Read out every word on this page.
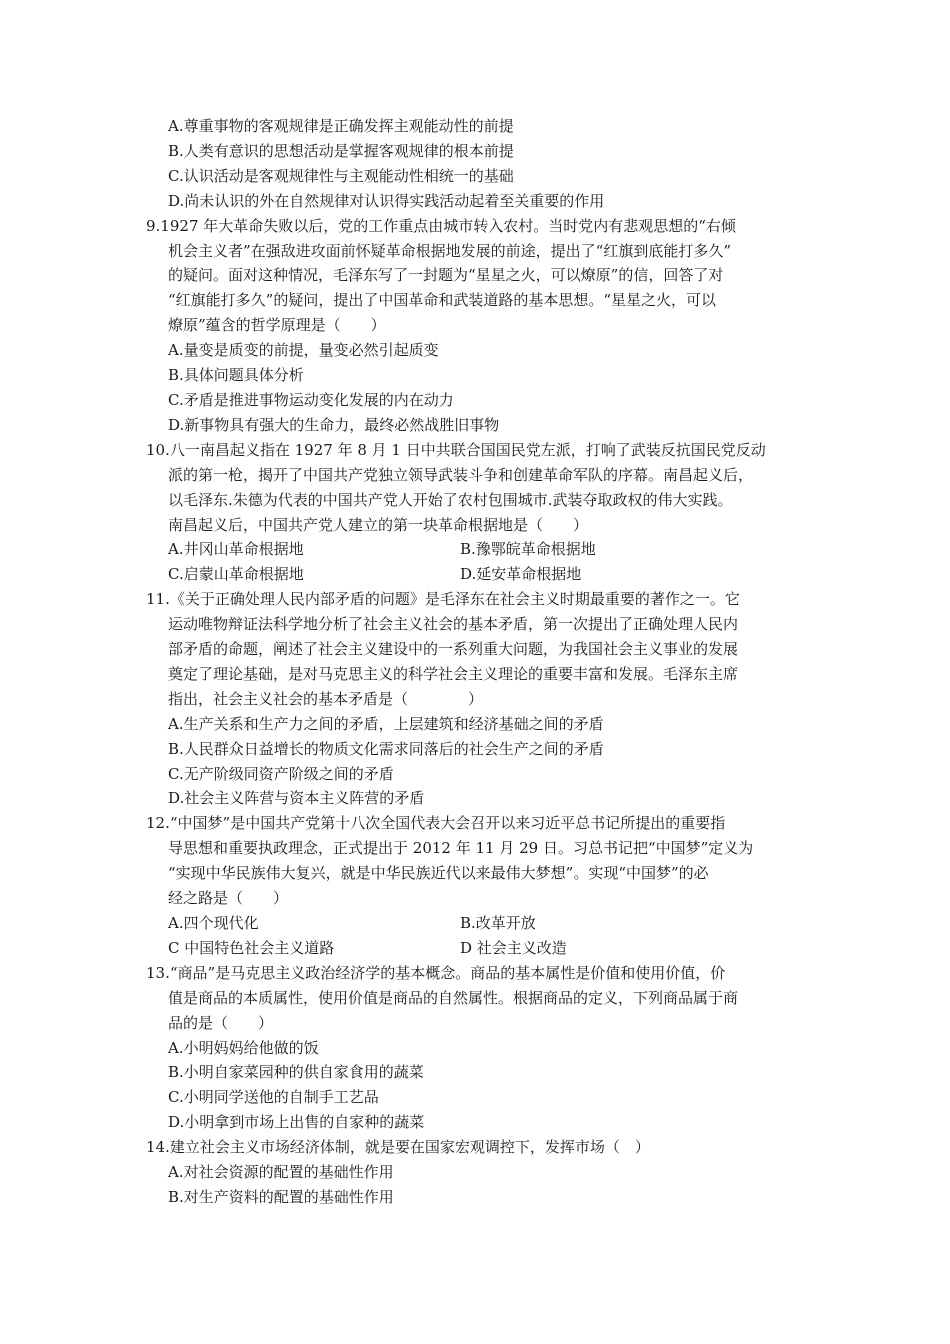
A.尊重事物的客观规律是正确发挥主观能动性的前提
B.人类有意识的思想活动是掌握客观规律的根本前提
C.认识活动是客观规律性与主观能动性相统一的基础
D.尚未认识的外在自然规律对认识得实践活动起着至关重要的作用
9.1927 年大革命失败以后，党的工作重点由城市转入农村。当时党内有悲观思想的“右倾
机会主义者”在强敌进攻面前怀疑革命根据地发展的前途，提出了“红旗到底能打多久”
的疑问。面对这种情况，毛泽东写了一封题为“星星之火，可以燎原”的信，回答了对
“红旗能打多久”的疑问，提出了中国革命和武装道路的基本思想。“星星之火，可以
燎原”蕴含的哲学原理是（　　）
A.量变是质变的前提，量变必然引起质变
B.具体问题具体分析
C.矛盾是推进事物运动变化发展的内在动力
D.新事物具有强大的生命力，最终必然战胜旧事物
10.八一南昌起义指在 1927 年 8 月 1 日中共联合国国民党左派，打响了武装反抗国民党反动
派的第一枪，揭开了中国共产党独立领导武装斗争和创建革命军队的序幕。南昌起义后，
以毛泽东.朱德为代表的中国共产党人开始了农村包围城市.武装夺取政权的伟大实践。
南昌起义后，中国共产党人建立的第一块革命根据地是（　　）
A.井冈山革命根据地	B.豫鄂皖革命根据地
C.启蒙山革命根据地	D.延安革命根据地
11.《关于正确处理人民内部矛盾的问题》是毛泽东在社会主义时期最重要的著作之一。它
运动唯物辩证法科学地分析了社会主义社会的基本矛盾，第一次提出了正确处理人民内
部矛盾的命题，阐述了社会主义建设中的一系列重大问题，为我国社会主义事业的发展
奠定了理论基础，是对马克思主义的科学社会主义理论的重要丰富和发展。毛泽东主席
指出，社会主义社会的基本矛盾是（　　　　）
A.生产关系和生产力之间的矛盾，上层建筑和经济基础之间的矛盾
B.人民群众日益增长的物质文化需求同落后的社会生产之间的矛盾
C.无产阶级同资产阶级之间的矛盾
D.社会主义阵营与资本主义阵营的矛盾
12.“中国梦”是中国共产党第十八次全国代表大会召开以来习近平总书记所提出的重要指
导思想和重要执政理念，正式提出于 2012 年 11 月 29 日。习总书记把“中国梦”定义为
“实现中华民族伟大复兴，就是中华民族近代以来最伟大梦想”。实现“中国梦”的必
经之路是（　　）
A.四个现代化	B.改革开放
C 中国特色社会主义道路	D 社会主义改造
13.“商品”是马克思主义政治经济学的基本概念。商品的基本属性是价值和使用价值，价
值是商品的本质属性，使用价值是商品的自然属性。根据商品的定义，下列商品属于商
品的是（　　）
A.小明妈妈给他做的饭
B.小明自家菜园种的供自家食用的蔬菜
C.小明同学送他的自制手工艺品
D.小明拿到市场上出售的自家种的蔬菜
14.建立社会主义市场经济体制，就是要在国家宏观调控下，发挥市场（　）
A.对社会资源的配置的基础性作用
B.对生产资料的配置的基础性作用
